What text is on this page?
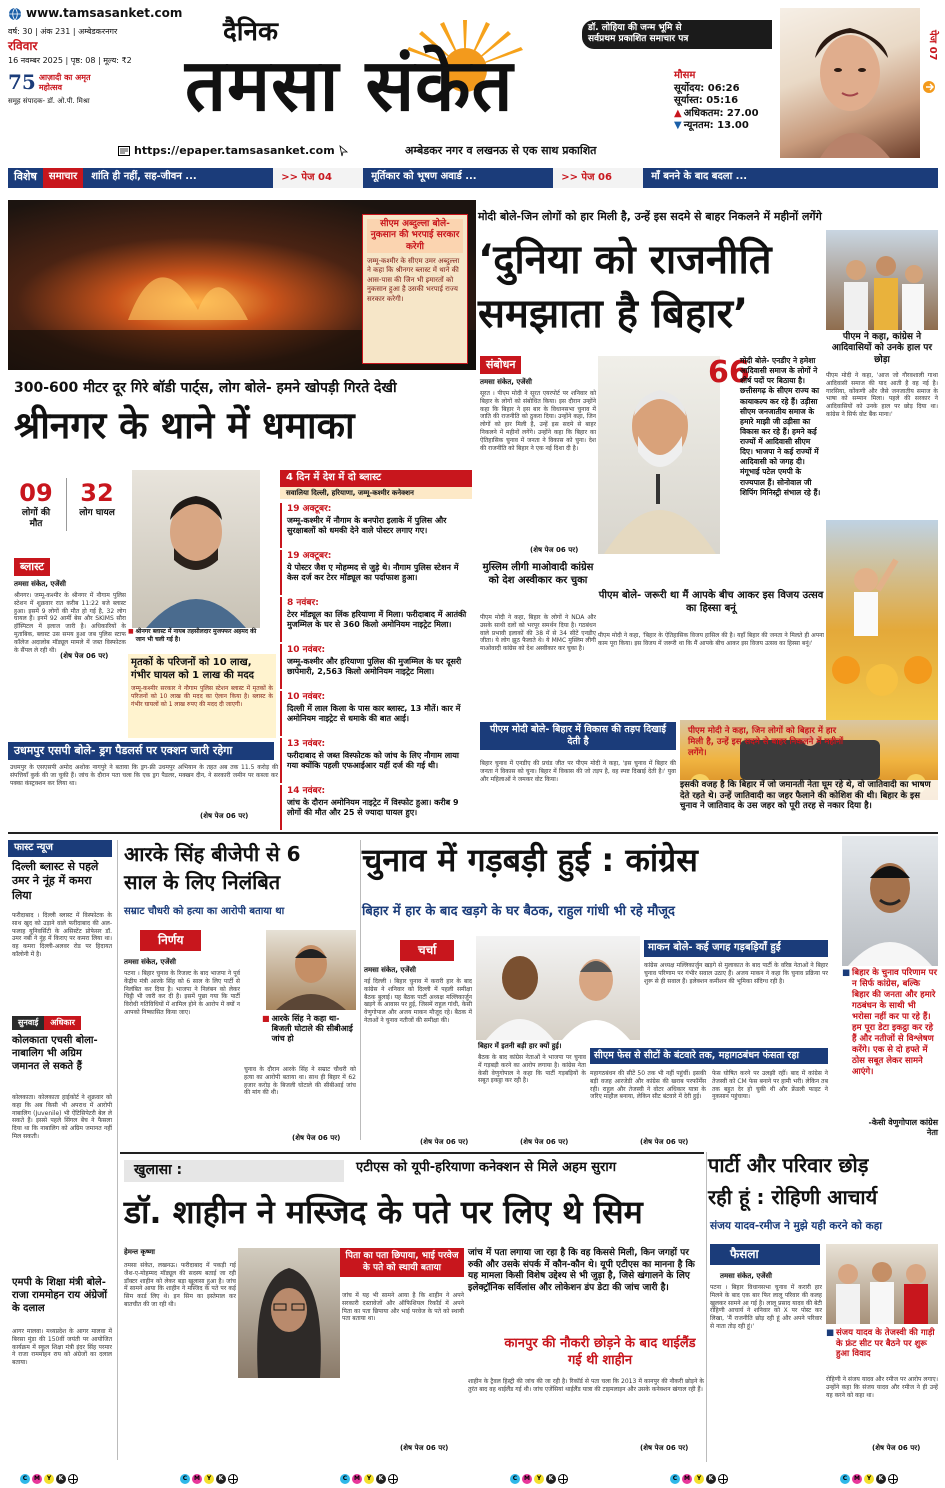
www.tamsasanket.com
वर्ष: 30 | अंक 231 | अम्बेडकरनगर
रविवार
16 नवम्बर 2025 | पृष्ठ: 08 | मूल्य: ₹2
75 आज़ादी का अमृत महोत्सव
समूह संपादक- डॉ. ओ.पी. मिश्रा
https://epaper.tamsasanket.com
दैनिक
तमसा संकेत
अम्बेडकर नगर व लखनऊ से एक साथ प्रकाशित
डॉ. लोहिया की जन्म भूमि से
सर्वप्रथम प्रकाशित समाचार पत्र
मौसम
सूर्योदय: 06:26
सूर्यास्त: 05:16
▲ अधिकतम: 27.00
▼ न्यूनतम: 13.00
पेज 07
विशेष	समाचार	शांति ही नहीं, सह-जीवन ...	>> पेज 04	मूर्तिकार को भूषण अवार्ड ...	>> पेज 06	माँ बनने के बाद बदला ...
सीएम अब्दुल्ला बोले- नुकसान की भरपाई सरकार करेगी
जम्मू-कश्मीर के सीएम उमर अब्दुल्ला ने कहा कि श्रीनगर ब्लास्ट में थाने की आस-पास की जिन भी इमारतों को नुकसान हुआ है उसकी भरपाई राज्य सरकार करेगी।
300-600 मीटर दूर गिरे बॉडी पार्ट्स, लोग बोले- हमने खोपड़ी गिरते देखी
श्रीनगर के थाने में धमाका
09
लोगों की मौत
32
लोग घायल
ब्लास्ट
तमसा संकेत, एजेंसी
श्रीनगर। जम्मू-कश्मीर के श्रीनगर में नौगाम पुलिस स्टेशन में शुक्रवार रात करीब 11:22 बजे ब्लास्ट हुआ। इसमें 9 लोगों की मौत हो गई है, 32 लोग घायल हैं। इनमें 92 आर्मी बेस और SKIMS सौरा हॉस्पिटल में इलाज जारी है। अधिकारियों के मुताबिक, ब्लास्ट उस समय हुआ जब पुलिस स्टाफ कॉलेज अदालोब मॉड्यूल मामले में जब्त विस्फोटक के सैंपल ले रही थी।
(शेष पेज 06 पर)
■ श्रीनगर ब्लास्ट में नायब तहसीलदार मुजफ्फर अहमद की जान भी चली गई है।
मृतकों के परिजनों को 10 लाख, गंभीर घायल को 1 लाख की मदद
जम्मू-कश्मीर सरकार ने नौगाम पुलिस स्टेशन ब्लास्ट में मृतकों के परिजनों को 10 लाख की मदद का ऐलान किया है। ब्लास्ट के गंभीर घायलों को 1 लाख रुपए की मदद दी जाएगी।
4 दिन में देश में दो ब्लास्ट
सवालिया दिल्ली, हरियाणा, जम्मू-कश्मीर कनेक्शन
19 अक्टूबर:
जम्मू-कश्मीर में नौगाम के बनपोरा इलाके में पुलिस और सुरक्षाबलों को धमकी देने वाले पोस्टर लगाए गए।
19 अक्टूबर:
ये पोस्टर जैश ए मोहम्मद से जुड़े थे। नौगाम पुलिस स्टेशन में केस दर्ज कर टेरर मॉड्यूल का पर्दाफाश हुआ।
8 नवंबर:
टेरर मॉड्यूल का लिंक हरियाणा में मिला। फरीदाबाद में आतंकी मुजम्मिल के घर से 360 किलो अमोनियम नाइट्रेट मिला।
10 नवंबर:
जम्मू-कश्मीर और हरियाणा पुलिस की मुजम्मिल के घर दूसरी छापेमारी, 2,563 किलो अमोनियम नाइट्रेट मिला।
10 नवंबर:
दिल्ली में लाल किला के पास कार ब्लास्ट, 13 मौतें। कार में अमोनियम नाइट्रेट से धमाके की बात आई।
13 नवंबर:
फरीदाबाद से जब्त विस्फोटक को जांच के लिए नौगाम लाया गया क्योंकि पहली एफआईआर यहीं दर्ज की गई थी।
14 नवंबर:
जांच के दौरान अमोनियम नाइट्रेट में विस्फोट हुआ। करीब 9 लोगों की मौत और 25 से ज्यादा घायल हुए।
उधमपुर एसपी बोले- ड्रग पैडलर्स पर एक्शन जारी रहेगा
उधमपुर के एसएसपी अमोद अशोक नागपुरे ने बताया कि ड्रग-फ्री उधमपुर अभियान के तहत अब तक 11.5 करोड़ की संपत्तियाँ कुर्क की जा चुकी हैं। जांच के दौरान पता चला कि एक ड्रग पैडलर, मक्खन दीन, ने सरकारी जमीन पर कब्जा कर पक्का कंस्ट्रक्शन कर लिया था।
(शेष पेज 06 पर)
मोदी बोले-जिन लोगों को हार मिली है, उन्हें इस सदमे से बाहर निकलने में महीनों लगेंगे
‘दुनिया को राजनीति
समझाता है बिहार’	पीएम ने कहा, कांग्रेस ने आदिवासियों को उनके हाल पर छोड़ा
पीएम मोदी ने कहा, 'आज जो गौरवशाली गाथा आदिवासी समाज की याद आती है वह नई है। गारसिया, कोंकणी और जैसे जनजातीय समाज के भाषा को सम्मान मिला। पहले की सरकार ने आदिवासियों को उनके हाल पर छोड़ दिया था। कांग्रेस ने सिर्फ वोट बैंक माना।'
संबोधन
तमसा संकेत, एजेंसी
सूरत । पीएम मोदी ने सूरत एयरपोर्ट पर शनिवार को बिहार के लोगों को संबोधित किया। इस दौरान उन्होंने कहा कि बिहार ने इस बार के विधानसभा चुनाव में जाति की राजनीति को ठुकरा दिया। उन्होंने कहा, जिन लोगों को हार मिली है, उन्हें इस सदमे से बाहर निकलने में महीनों लगेंगे। उन्होंने कहा कि बिहार का ऐतिहासिक चुनाव में जनता ने विकास को चुना। देश की राजनीति को बिहार ने एक नई दिशा दी है।
(शेष पेज 06 पर)
66
मोदी बोले- एनडीए ने हमेशा आदिवासी समाज के लोगों ने शीर्ष पदों पर बिठाया है। छत्तीसगढ़ के सीएम राज्य का कायाकल्प कर रहे हैं। उड़ीसा सीएम जनजातीय समाज के हमारे माझी जी उड़ीसा का विकास कर रहे हैं। हमने कई राज्यों में आदिवासी सीएम दिए। भाजपा ने कई राज्यों में आदिवासी को जगह दी। मंगूभाई पटेल एमपी के राज्यपाल हैं। सोनोवाल जी शिपिंग मिनिस्ट्री संभाल रहे हैं।
मुस्लिम लीगी माओवादी कांग्रेस को देश अस्वीकार कर चुका
पीएम मोदी ने कहा, बिहार के लोगों ने NDA और उसके साथी दलों को भरपूर समर्थन दिया है। गठबंधन वाले प्रभावी इलाकों की 38 में से 34 सीटें एनडीए जीता। ये लोग झूठ फैलाते थे। ये MMC मुस्लिम लीगी माओवादी कांग्रेस को देश अस्वीकार कर चुका है।
पीएम बोले- जरूरी था मैं आपके बीच आकर इस विजय उत्सव का हिस्सा बनूं
पीएम मोदी ने कहा, 'बिहार के ऐतिहासिक विजय हासिल की है। यहाँ बिहार की जनता ने मिलते ही अपना काम पूरा किया। इस विजय में जरूरी था कि मैं आपके बीच आकर इस विजय उत्सव का हिस्सा बनूं।'
पीएम मोदी बोले- बिहार में विकास की तड़प दिखाई देती है
बिहार चुनाव में एनडीए की प्रचंड जीत पर पीएम मोदी ने कहा, 'इस चुनाव में बिहार की जनता ने विकास को चुना। बिहार में विकास की जो तड़प है, वह स्पष्ट दिखाई देती है।' युवा और महिलाओं ने जमकर वोट किया।
पीएम मोदी ने कहा, जिन लोगों को बिहार में हार मिली है, उन्हें इस सदमे से बाहर निकलने में महीनों लगेंगे।
इसकी वजह है कि बिहार में जो जमानती नेता घूम रहे थे, वो जातिवादी का भाषण देते रहते थे। उन्हें जातिवादी का जहर फैलाने की कोशिश की थी। बिहार के इस चुनाव ने जातिवाद के उस जहर को पूरी तरह से नकार दिया है।
फास्ट न्यूज
दिल्ली ब्लास्ट से पहले उमर ने नूंह में कमरा लिया
फरीदाबाद । दिल्ली ब्लास्ट में विस्फोटक के साथ खुद को उड़ाने वाले फरीदाबाद की अल-फलाह यूनिवर्सिटी के असिस्टेंट प्रोफेसर डॉ. उमर नबी ने नूंह में किराए पर कमरा लिया था। वह कमरा दिल्ली-अलवर रोड पर हिदायत कॉलोनी में है।
सुनवाई	अधिकार
कोलकाता एचसी बोला- नाबालिग भी अग्रिम जमानत ले सकते हैं
कोलकाता। कोलकाता हाईकोर्ट ने शुक्रवार को कहा कि अब किसी भी अपराध में आरोपी नाबालिग (Juvenile) भी ऐंटिसिपेटरी बेल ले सकते हैं। इससे पहले सिंगल बेंच ने फैसला दिया था कि नाबालिग को अग्रिम जमानत नहीं मिल सकती।
एमपी के शिक्षा मंत्री बोले- राजा राममोहन राय अंग्रेजों के दलाल
आगर मालवा। मध्यप्रदेश के आगर मालवा में बिरसा मुंडा की 150वीं जयंती पर आयोजित कार्यक्रम में स्कूल शिक्षा मंत्री इंदर सिंह परमार ने राजा राममोहन राय को अंग्रेजों का दलाल बताया।
आरके सिंह बीजेपी से 6
साल के लिए निलंबित
सम्राट चौधरी को हत्या का आरोपी बताया था
निर्णय
तमसा संकेत, एजेंसी
पटना । बिहार चुनाव के रिजल्ट के बाद भाजपा ने पूर्व केंद्रीय मंत्री आरके सिंह को 6 साल के लिए पार्टी से निलंबित कर दिया है। भाजपा ने निलंबन को लेकर चिट्ठी भी जारी कर दी है। इसमें पूछा गया कि पार्टी विरोधी गतिविधियों में शामिल होने के आरोप में क्यों न आपको निष्कासित किया जाए।
■ आरके सिंह ने कहा था- बिजली घोटाले की सीबीआई जांच हो
चुनाव के दौरान आरके सिंह ने सम्राट चौधरी को हत्या का आरोपी बताया था। साथ ही बिहार में 62 हजार करोड़ के बिजली घोटाले की सीबीआई जांच की मांग की थी।
(शेष पेज 06 पर)
चुनाव में गड़बड़ी हुई : कांग्रेस
बिहार में हार के बाद खड़गे के घर बैठक, राहुल गांधी भी रहे मौजूद
चर्चा
तमसा संकेत, एजेंसी
नई दिल्ली । बिहार चुनाव में करारी हार के बाद कांग्रेस ने शनिवार को दिल्ली में पहली समीक्षा बैठक बुलाई। यह बैठक पार्टी अध्यक्ष मल्लिकार्जुन खड़गे के आवास पर हुई, जिसमें राहुल गांधी, केसी वेणुगोपाल और अजय माकन मौजूद रहे। बैठक में नेताओं ने चुनाव नतीजों की समीक्षा की।
(शेष पेज 06 पर)
बिहार में इतनी बड़ी हार क्यों हुई।
बैठक के बाद कांग्रेस नेताओं ने भाजपा पर चुनाव में गड़बड़ी करने का आरोप लगाया है। कांग्रेस नेता केसी वेणुगोपाल ने कहा कि पार्टी गड़बड़ियों के सबूत इकट्ठा कर रही है।
(शेष पेज 06 पर)
माकन बोले- कई जगह गड़बड़ियाँ हुईं
कांग्रेस अध्यक्ष मल्लिकार्जुन खड़गे से मुलाकात के बाद पार्टी के वरिष्ठ नेताओं ने बिहार चुनाव परिणाम पर गंभीर सवाल उठाए हैं। अजय माकन ने कहा कि चुनाव प्रक्रिया पर शुरू से ही सवाल हैं। इलेक्शन कमीशन की भूमिका संदिग्ध रही है।
सीएम फेस से सीटों के बंटवारे तक, महागठबंधन फंसता रहा
महागठबंधन की सीटें 50 तक भी नहीं पहुंचीं। इसकी बड़ी वजह आरजेडी और कांग्रेस की खराब परफॉर्मेंस रही। राहुल और तेजस्वी ने वोटर अधिकार यात्रा के जरिए माहौल बनाया, लेकिन सीट बंटवारे में देरी हुई।
फेस घोषित करने पर उलझी रहीं। बाद में कांग्रेस ने तेजस्वी को CM फेस बनाने पर हामी भरी। लेकिन तब तक बहुत देर हो चुकी थी और फ्रेंडली फाइट ने नुकसान पहुंचाया।
(शेष पेज 06 पर)
■ बिहार के चुनाव परिणाम पर न सिर्फ कांग्रेस, बल्कि बिहार की जनता और हमारे गठबंधन के साथी भी भरोसा नहीं कर पा रहे हैं। हम पूरा डेटा इकट्ठा कर रहे हैं और नतीजों से विश्लेषण करेंगे। एक से दो हफ्ते में ठोस सबूत लेकर सामने आएंगे।
-केसी वेणुगोपाल कांग्रेस नेता
खुलासा :	एटीएस को यूपी-हरियाणा कनेक्शन से मिले अहम सुराग
डॉ. शाहीन ने मस्जिद के पते पर लिए थे सिम
हेमन्त कृष्णा
तमसा संकेत, लखनऊ। फरीदाबाद में पकड़ी गई जैश-ए-मोहम्मद मॉड्यूल की सदस्य बताई जा रही डॉक्टर शाहीन को लेकर बड़ा खुलासा हुआ है। जांच में सामने आया कि शाहीन ने मस्जिद के पते पर कई सिम कार्ड लिए थे। इन सिम का इस्तेमाल कर बातचीत की जा रही थी।
पिता का पता छिपाया, भाई परवेज के पते को स्थायी बताया
जांच में यह भी सामने आया है कि शाहीन ने अपने सरकारी दस्तावेजों और ऑफिशियल रिकॉर्ड में अपने पिता का पता छिपाया और भाई परवेज के पते को स्थायी पता बताया था।
(शेष पेज 06 पर)
जांच में पता लगाया जा रहा है कि वह किससे मिली, किन जगहों पर रुकी और उसके संपर्क में कौन-कौन थे। यूपी एटीएस का मानना है कि यह मामला किसी विशेष उद्देश्य से भी जुड़ा है, जिसे खंगालने के लिए इलेक्ट्रॉनिक सर्विलांस और लोकेशन डंप डेटा की जांच जारी है।
कानपुर की नौकरी छोड़ने के बाद थाईलैंड गई थी शाहीन
शाहीन के ट्रैवल हिस्ट्री की जांच की जा रही है। रिकॉर्ड से पता चला कि 2013 में कानपुर की नौकरी छोड़ने के तुरंत बाद वह थाईलैंड गई थी। जांच एजेंसियां थाईलैंड यात्रा की टाइमलाइन और उसके कनेक्शन खंगाल रही हैं।
(शेष पेज 06 पर)
पार्टी और परिवार छोड़
रही हूं : रोहिणी आचार्य
संजय यादव-रमीज ने मुझे यही करने को कहा
फैसला
तमसा संकेत, एजेंसी
पटना । बिहार विधानसभा चुनाव में करारी हार मिलने के बाद एक बार फिर लालू परिवार की कलह खुलकर सामने आ गई है। लालू प्रसाद यादव की बेटी रोहिणी आचार्य ने शनिवार को X पर पोस्ट कर लिखा, 'मैं राजनीति छोड़ रही हूं और अपने परिवार से नाता तोड़ रही हूं।'
■ संजय यादव के तेजस्वी की गाड़ी के फ्रंट सीट पर बैठने पर शुरू हुआ विवाद
रोहिणी ने संजय यादव और रमीज पर आरोप लगाए। उन्होंने कहा कि संजय यादव और रमीज ने ही उन्हें यह करने को कहा था।
(शेष पेज 06 पर)
C	M	Y	K	C	M	Y	K	C	M	Y	K	C	M	Y	K	C	M	Y	K	C	M	Y	K
